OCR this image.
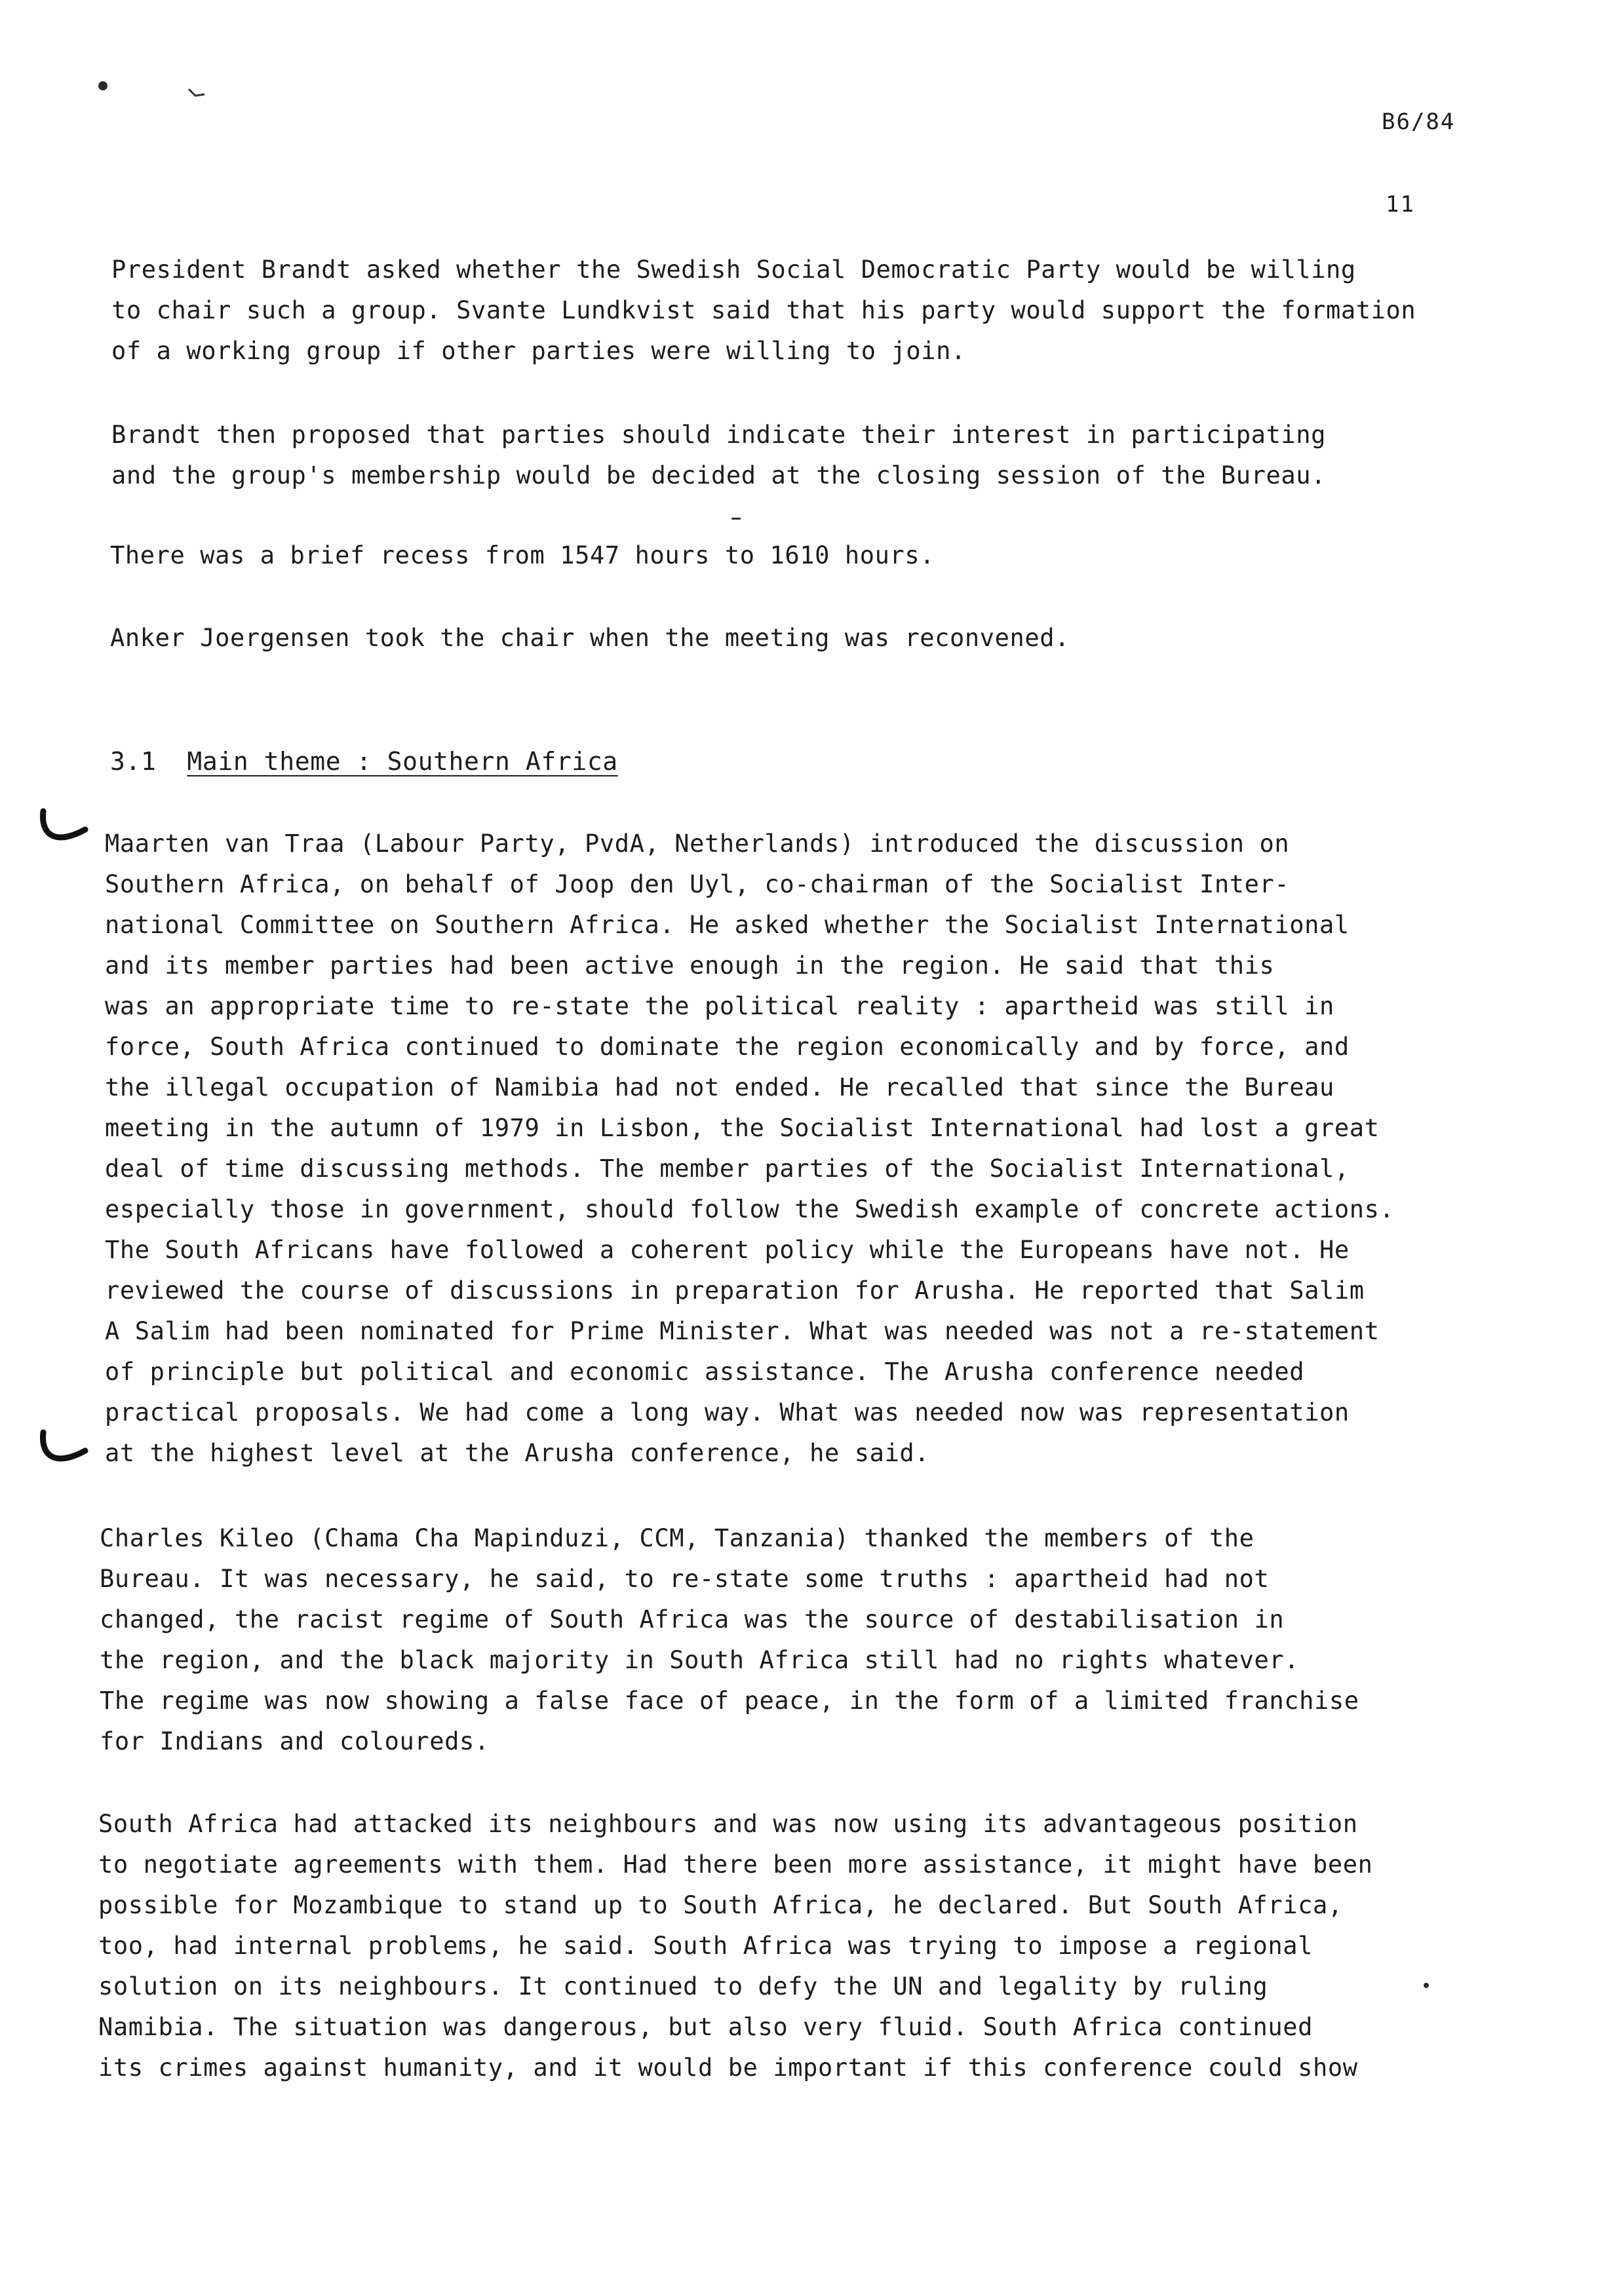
B6/84
11
President Brandt asked whether the Swedish Social Democratic Party would be willing
to chair such a group. Svante Lundkvist said that his party would support the formation
of a working group if other parties were willing to join.
Brandt then proposed that parties should indicate their interest in participating
and the group's membership would be decided at the closing session of the Bureau.
There was a brief recess from 1547 hours to 1610 hours.
Anker Joergensen took the chair when the meeting was reconvened.
3.1 Main theme : Southern Africa
Maarten van Traa (Labour Party, PvdA, Netherlands) introduced the discussion on
Southern Africa, on behalf of Joop den Uyl, co-chairman of the Socialist Inter-
national Committee on Southern Africa. He asked whether the Socialist International
and its member parties had been active enough in the region. He said that this
was an appropriate time to re-state the political reality : apartheid was still in
force, South Africa continued to dominate the region economically and by force, and
the illegal occupation of Namibia had not ended. He recalled that since the Bureau
meeting in the autumn of 1979 in Lisbon, the Socialist International had lost a great
deal of time discussing methods. The member parties of the Socialist International,
especially those in government, should follow the Swedish example of concrete actions.
The South Africans have followed a coherent policy while the Europeans have not. He
reviewed the course of discussions in preparation for Arusha. He reported that Salim
A Salim had been nominated for Prime Minister. What was needed was not a re-statement
of principle but political and economic assistance. The Arusha conference needed
practical proposals. We had come a long way. What was needed now was representation
at the highest level at the Arusha conference, he said.
Charles Kileo (Chama Cha Mapinduzi, CCM, Tanzania) thanked the members of the
Bureau. It was necessary, he said, to re-state some truths : apartheid had not
changed, the racist regime of South Africa was the source of destabilisation in
the region, and the black majority in South Africa still had no rights whatever.
The regime was now showing a false face of peace, in the form of a limited franchise
for Indians and coloureds.
South Africa had attacked its neighbours and was now using its advantageous position
to negotiate agreements with them. Had there been more assistance, it might have been
possible for Mozambique to stand up to South Africa, he declared. But South Africa,
too, had internal problems, he said. South Africa was trying to impose a regional
solution on its neighbours. It continued to defy the UN and legality by ruling
Namibia. The situation was dangerous, but also very fluid. South Africa continued
its crimes against humanity, and it would be important if this conference could show
